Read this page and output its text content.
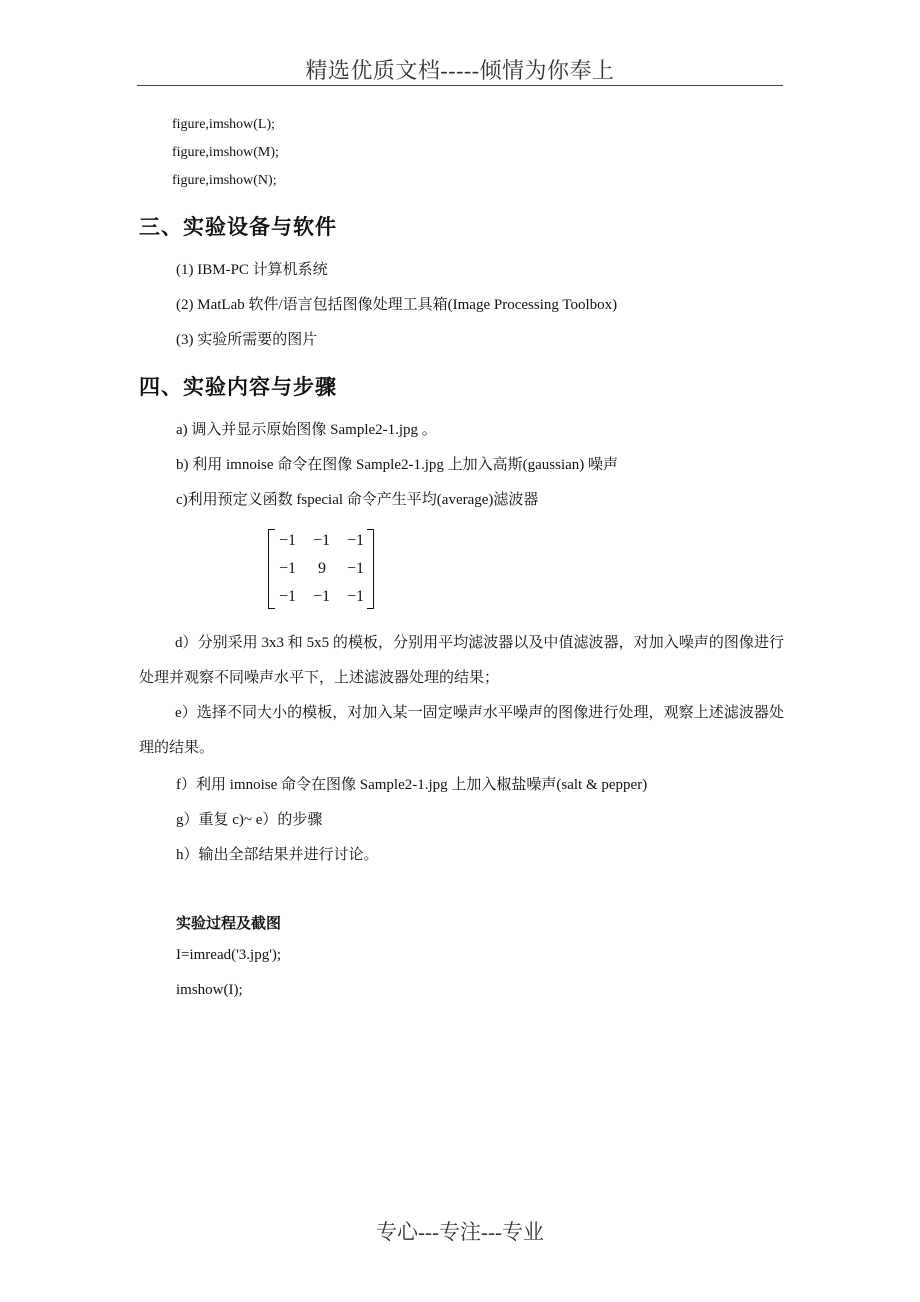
精选优质文档-----倾情为你奉上
figure,imshow(L);
figure,imshow(M);
figure,imshow(N);
三、实验设备与软件
(1) IBM-PC 计算机系统
(2) MatLab 软件/语言包括图像处理工具箱(Image Processing Toolbox)
(3) 实验所需要的图片
四、实验内容与步骤
a) 调入并显示原始图像 Sample2-1.jpg 。
b) 利用 imnoise 命令在图像 Sample2-1.jpg 上加入高斯(gaussian) 噪声
c)利用预定义函数 fspecial 命令产生平均(average)滤波器
−1	−1	−1
−1	9	−1
−1	−1	−1
d）分别采用 3x3 和 5x5 的模板，分别用平均滤波器以及中值滤波器，对加入噪声的图像进行处理并观察不同噪声水平下，上述滤波器处理的结果；
e）选择不同大小的模板，对加入某一固定噪声水平噪声的图像进行处理，观察上述滤波器处理的结果。
f）利用 imnoise 命令在图像 Sample2-1.jpg 上加入椒盐噪声(salt & pepper)
g）重复 c)~ e）的步骤
h）输出全部结果并进行讨论。
实验过程及截图
I=imread('3.jpg');
imshow(I);
专心---专注---专业
